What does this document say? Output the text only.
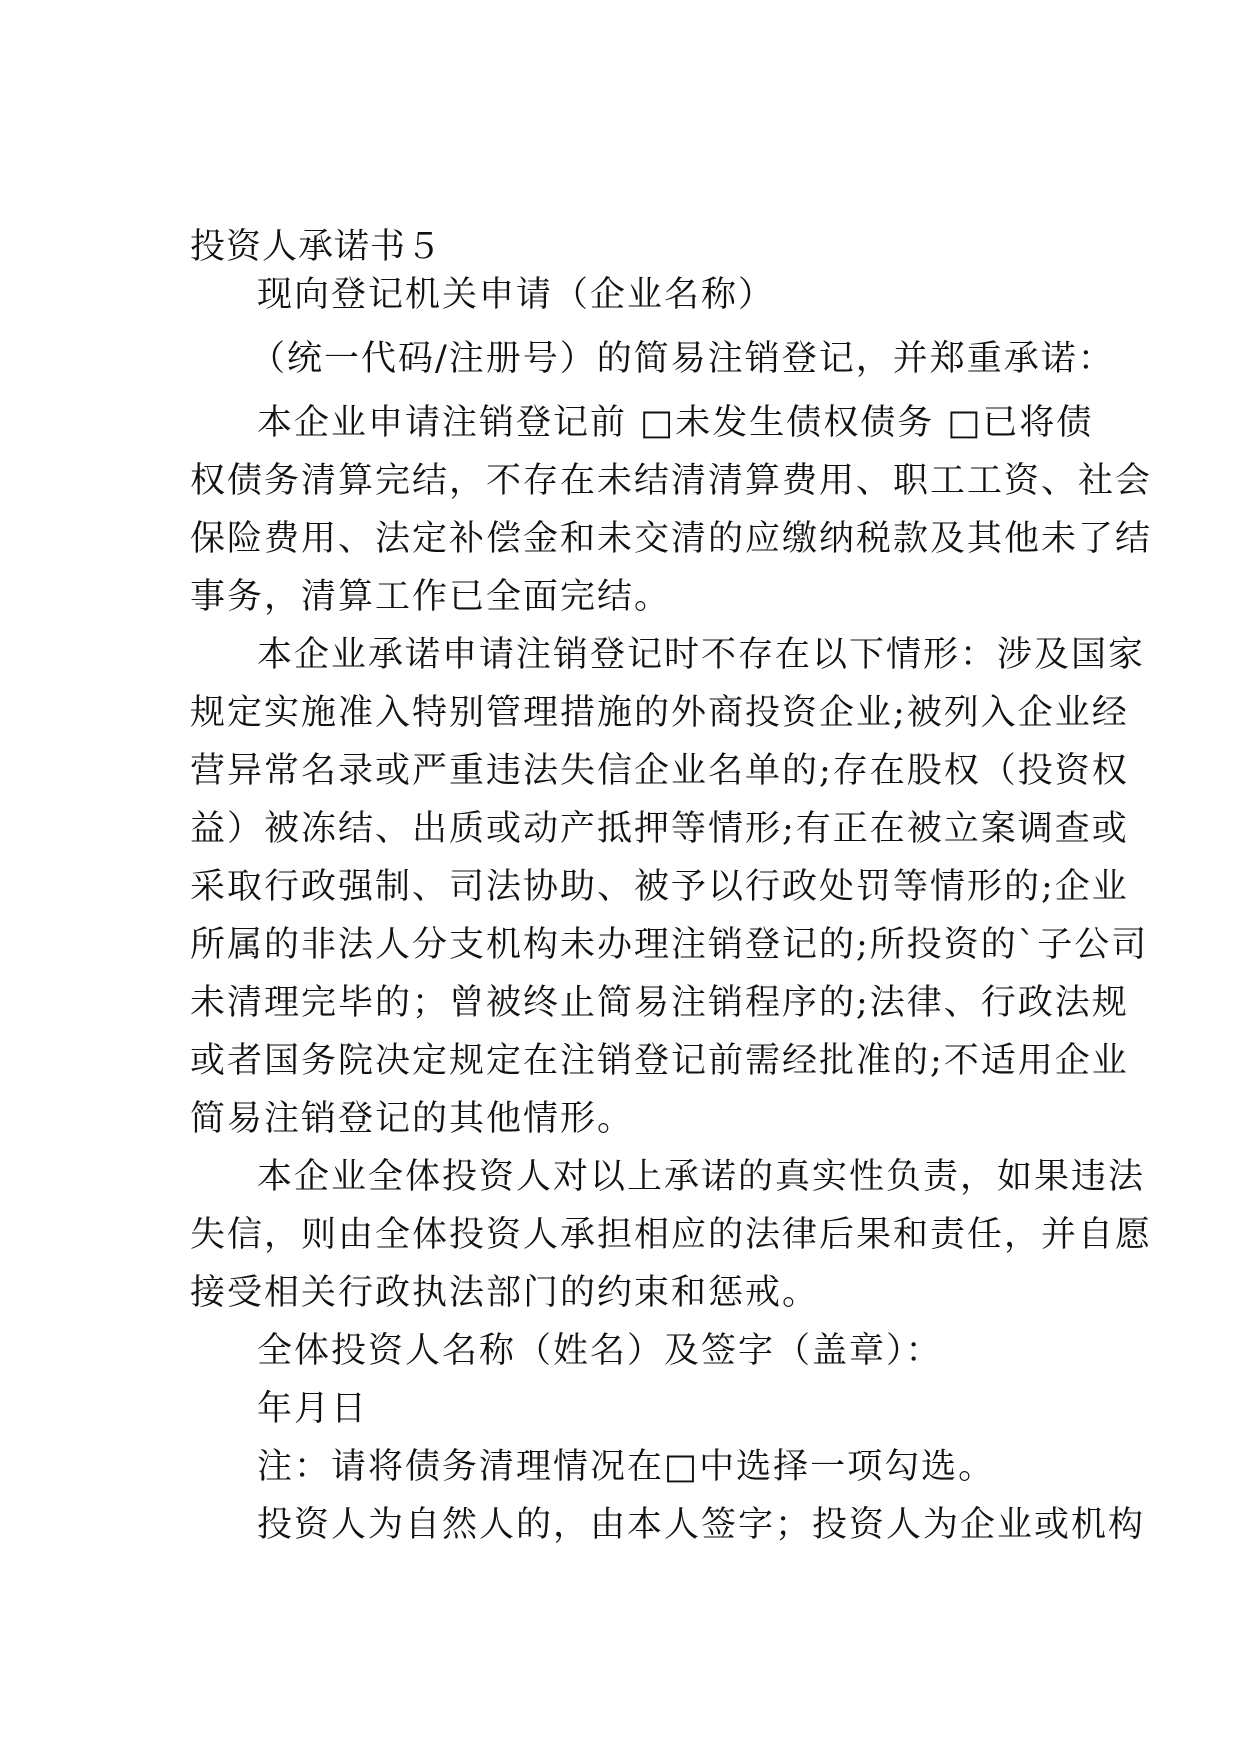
投资人承诺书５
现向登记机关申请（企业名称）
（统一代码/注册号）的简易注销登记，并郑重承诺：
本企业申请注销登记前 □未发生债权债务 □已将债
权债务清算完结，不存在未结清清算费用、职工工资、社会
保险费用、法定补偿金和未交清的应缴纳税款及其他未了结
事务，清算工作已全面完结。
本企业承诺申请注销登记时不存在以下情形：涉及国家
规定实施准入特别管理措施的外商投资企业;被列入企业经
营异常名录或严重违法失信企业名单的;存在股权（投资权
益）被冻结、出质或动产抵押等情形;有正在被立案调查或
采取行政强制、司法协助、被予以行政处罚等情形的;企业
所属的非法人分支机构未办理注销登记的;所投资的`子公司
未清理完毕的；曾被终止简易注销程序的;法律、行政法规
或者国务院决定规定在注销登记前需经批准的;不适用企业
简易注销登记的其他情形。
本企业全体投资人对以上承诺的真实性负责，如果违法
失信，则由全体投资人承担相应的法律后果和责任，并自愿
接受相关行政执法部门的约束和惩戒。
全体投资人名称（姓名）及签字（盖章）：
年月日
注：请将债务清理情况在□中选择一项勾选。
投资人为自然人的，由本人签字；投资人为企业或机构
